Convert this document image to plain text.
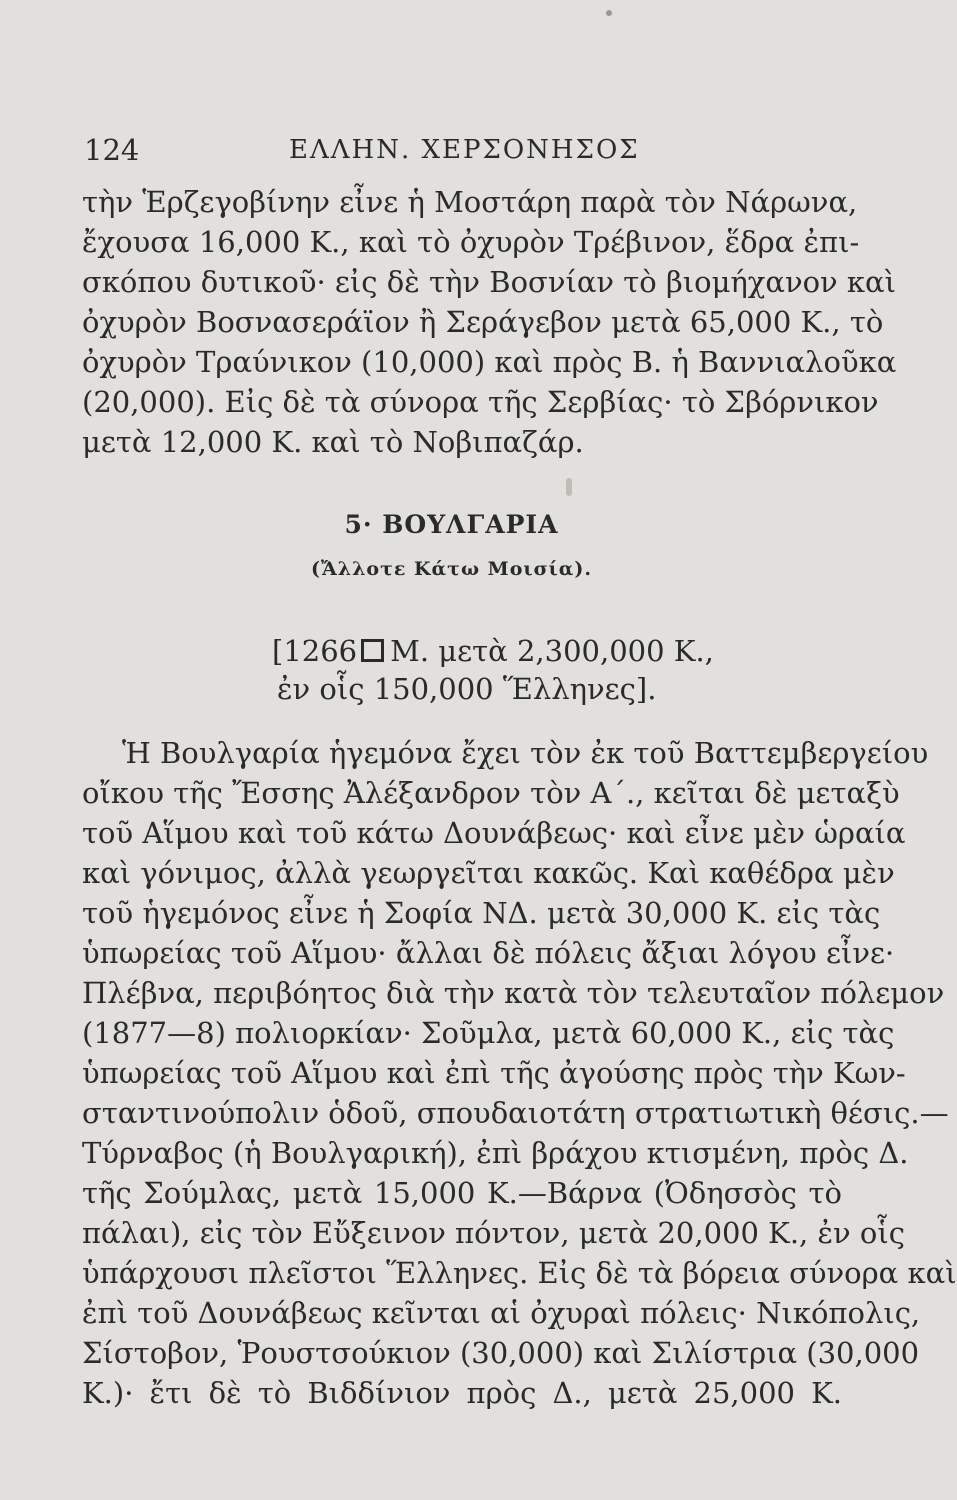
124	ΕΛΛΗΝ. ΧΕΡΣΟΝΗΣΟΣ
τὴν Ἑρζεγοβίνην εἶνε ἡ Μοστάρη παρὰ τὸν Νάρωνα,
ἔχουσα 16,000 Κ., καὶ τὸ ὀχυρὸν Τρέβινον, ἕδρα ἐπι-
σκόπου δυτικοῦ· εἰς δὲ τὴν Βοσνίαν τὸ βιομήχανον καὶ
ὀχυρὸν Βοσνασεράϊον ἢ Σεράγεβον μετὰ 65,000 Κ., τὸ
ὀχυρὸν Τραύνικον (10,000) καὶ πρὸς Β. ἡ Βαννιαλοῦκα
(20,000). Εἰς δὲ τὰ σύνορα τῆς Σερβίας· τὸ Σβόρνικον
μετὰ 12,000 Κ. καὶ τὸ Νοβιπαζάρ.
5· ΒΟΥΛΓΑΡΙΑ
(Ἄλλοτε Κάτω Μοισία).
[1266 Μ. μετὰ 2,300,000 Κ.,
ἐν οἷς 150,000 Ἕλληνες].
Ἡ Βουλγαρία ἡγεμόνα ἔχει τὸν ἐκ τοῦ Βαττεμβεργείου
οἴκου τῆς Ἔσσης Ἀλέξανδρον τὸν Α΄., κεῖται δὲ μεταξὺ
τοῦ Αἵμου καὶ τοῦ κάτω Δουνάβεως· καὶ εἶνε μὲν ὡραία
καὶ γόνιμος, ἀλλὰ γεωργεῖται κακῶς. Καὶ καθέδρα μὲν
τοῦ ἡγεμόνος εἶνε ἡ Σοφία ΝΔ. μετὰ 30,000 Κ. εἰς τὰς
ὑπωρείας τοῦ Αἵμου· ἄλλαι δὲ πόλεις ἄξιαι λόγου εἶνε·
Πλέβνα, περιβόητος διὰ τὴν κατὰ τὸν τελευταῖον πόλεμον
(1877—8) πολιορκίαν· Σοῦμλα, μετὰ 60,000 Κ., εἰς τὰς
ὑπωρείας τοῦ Αἵμου καὶ ἐπὶ τῆς ἀγούσης πρὸς τὴν Κων-
σταντινούπολιν ὁδοῦ, σπουδαιοτάτη στρατιωτικὴ θέσις.—
Τύρναβος (ἡ Βουλγαρική), ἐπὶ βράχου κτισμένη, πρὸς Δ.
τῆς Σούμλας, μετὰ 15,000 Κ.—Βάρνα (Ὀδησσὸς τὸ
πάλαι), εἰς τὸν Εὔξεινον πόντον, μετὰ 20,000 Κ., ἐν οἷς
ὑπάρχουσι πλεῖστοι Ἕλληνες. Εἰς δὲ τὰ βόρεια σύνορα καὶ
ἐπὶ τοῦ Δουνάβεως κεῖνται αἱ ὀχυραὶ πόλεις· Νικόπολις,
Σίστοβον, Ῥουστσούκιον (30,000) καὶ Σιλίστρια (30,000
Κ.)· ἔτι δὲ τὸ Βιδδίνιον πρὸς Δ., μετὰ 25,000 Κ.
